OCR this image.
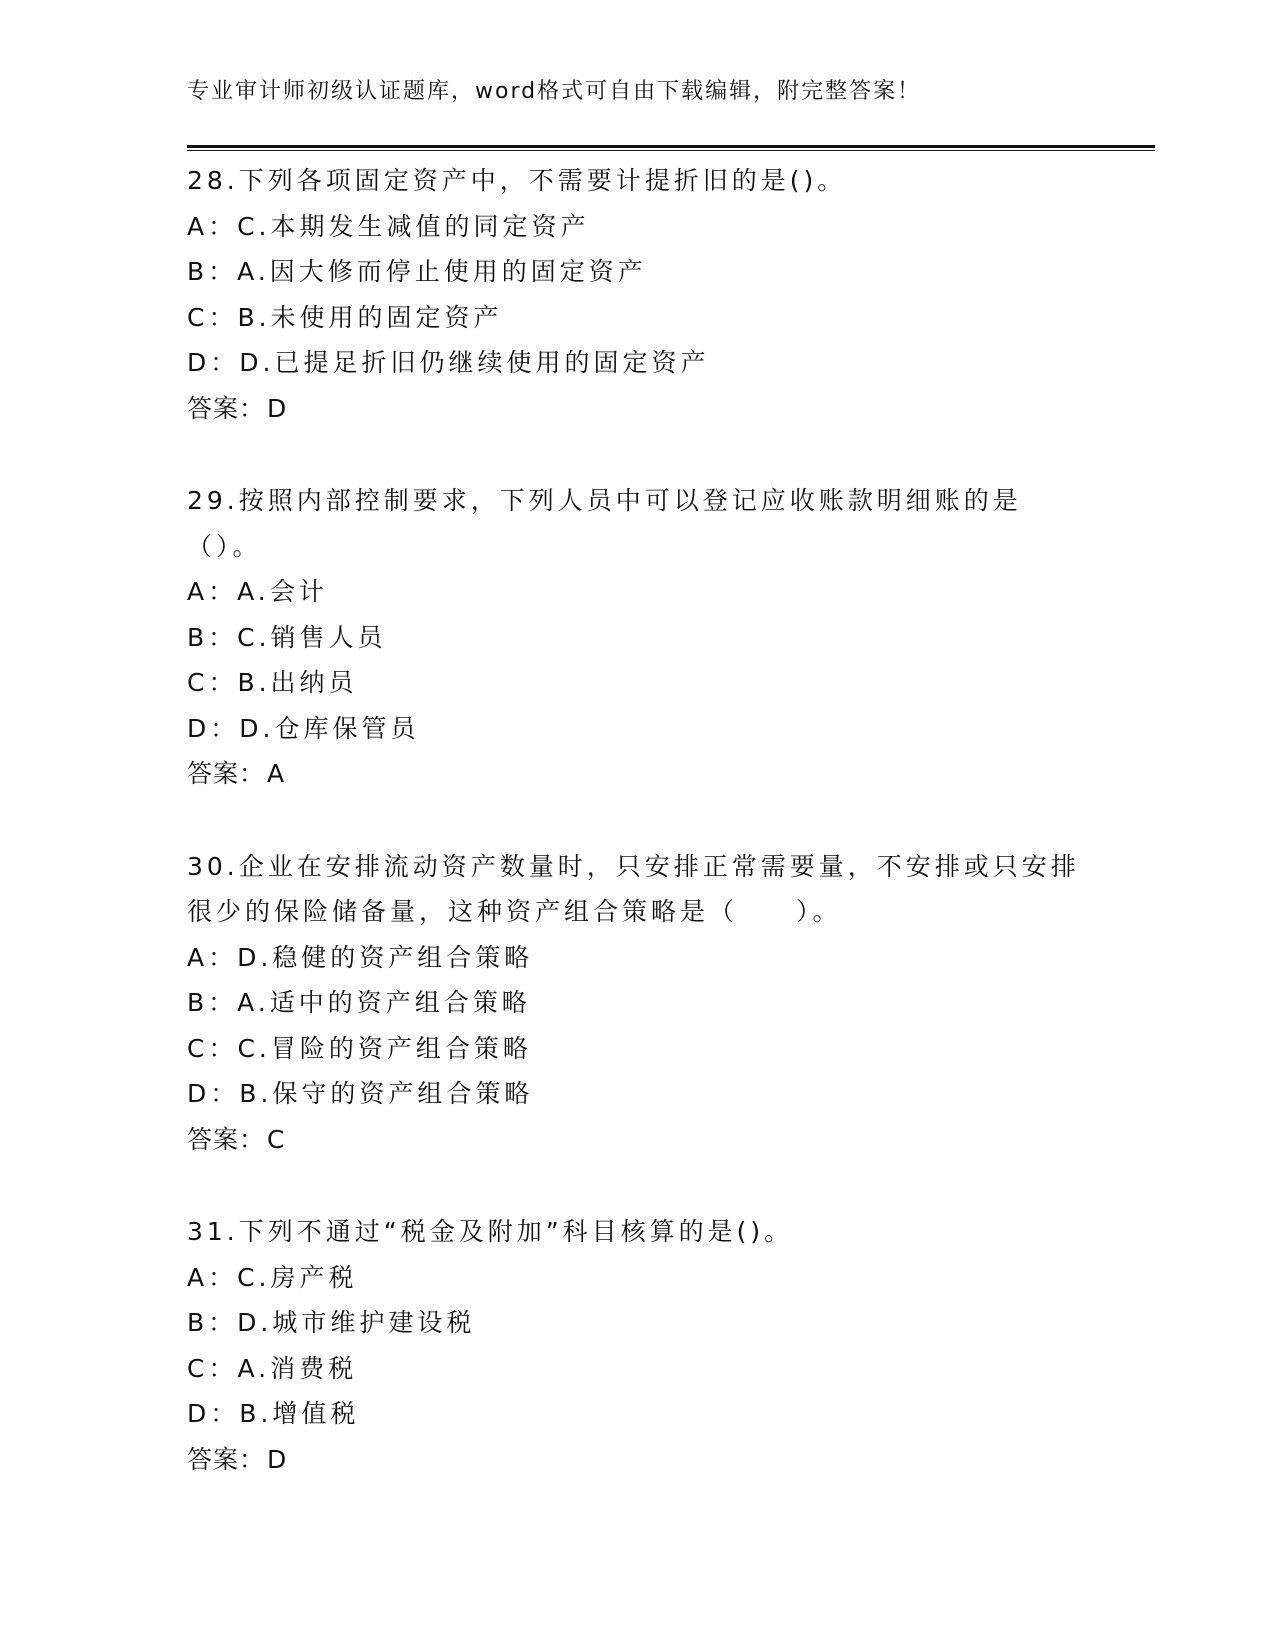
专业审计师初级认证题库，word格式可自由下载编辑，附完整答案！
28.下列各项固定资产中，不需要计提折旧的是()。
A：C.本期发生减值的同定资产
B：A.因大修而停止使用的固定资产
C：B.未使用的固定资产
D：D.已提足折旧仍继续使用的固定资产
答案：D
29.按照内部控制要求，下列人员中可以登记应收账款明细账的是（）。
A：A.会计
B：C.销售人员
C：B.出纳员
D：D.仓库保管员
答案：A
30.企业在安排流动资产数量时，只安排正常需要量，不安排或只安排很少的保险储备量，这种资产组合策略是（　　）。
A：D.稳健的资产组合策略
B：A.适中的资产组合策略
C：C.冒险的资产组合策略
D：B.保守的资产组合策略
答案：C
31.下列不通过“税金及附加”科目核算的是()。
A：C.房产税
B：D.城市维护建设税
C：A.消费税
D：B.增值税
答案：D
